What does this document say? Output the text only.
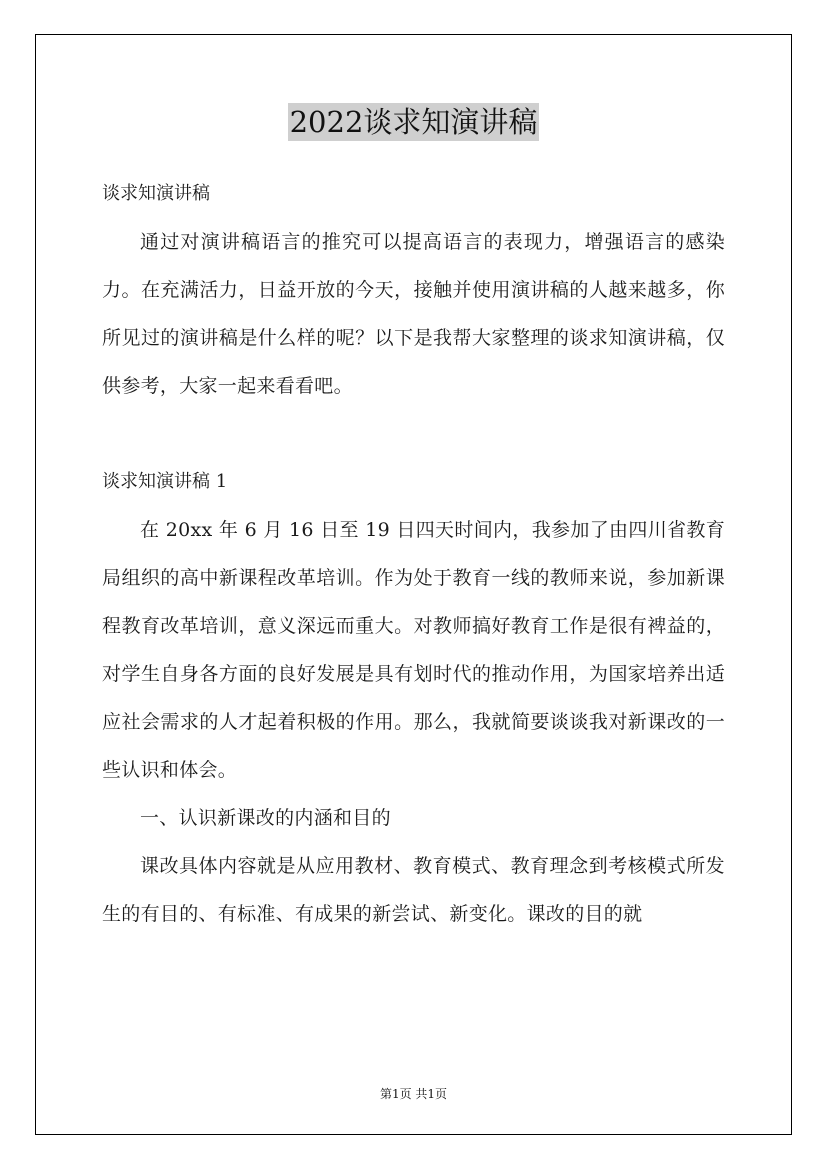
2022谈求知演讲稿

谈求知演讲稿

通过对演讲稿语言的推究可以提高语言的表现力，增强语言的感染力。在充满活力，日益开放的今天，接触并使用演讲稿的人越来越多，你所见过的演讲稿是什么样的呢？以下是我帮大家整理的谈求知演讲稿，仅供参考，大家一起来看看吧。

谈求知演讲稿 1

在 20xx 年 6 月 16 日至 19 日四天时间内，我参加了由四川省教育局组织的高中新课程改革培训。作为处于教育一线的教师来说，参加新课程教育改革培训，意义深远而重大。对教师搞好教育工作是很有裨益的，对学生自身各方面的良好发展是具有划时代的推动作用，为国家培养出适应社会需求的人才起着积极的作用。那么，我就简要谈谈我对新课改的一些认识和体会。

一、认识新课改的内涵和目的

课改具体内容就是从应用教材、教育模式、教育理念到考核模式所发生的有目的、有标准、有成果的新尝试、新变化。课改的目的就

第1页 共1页
